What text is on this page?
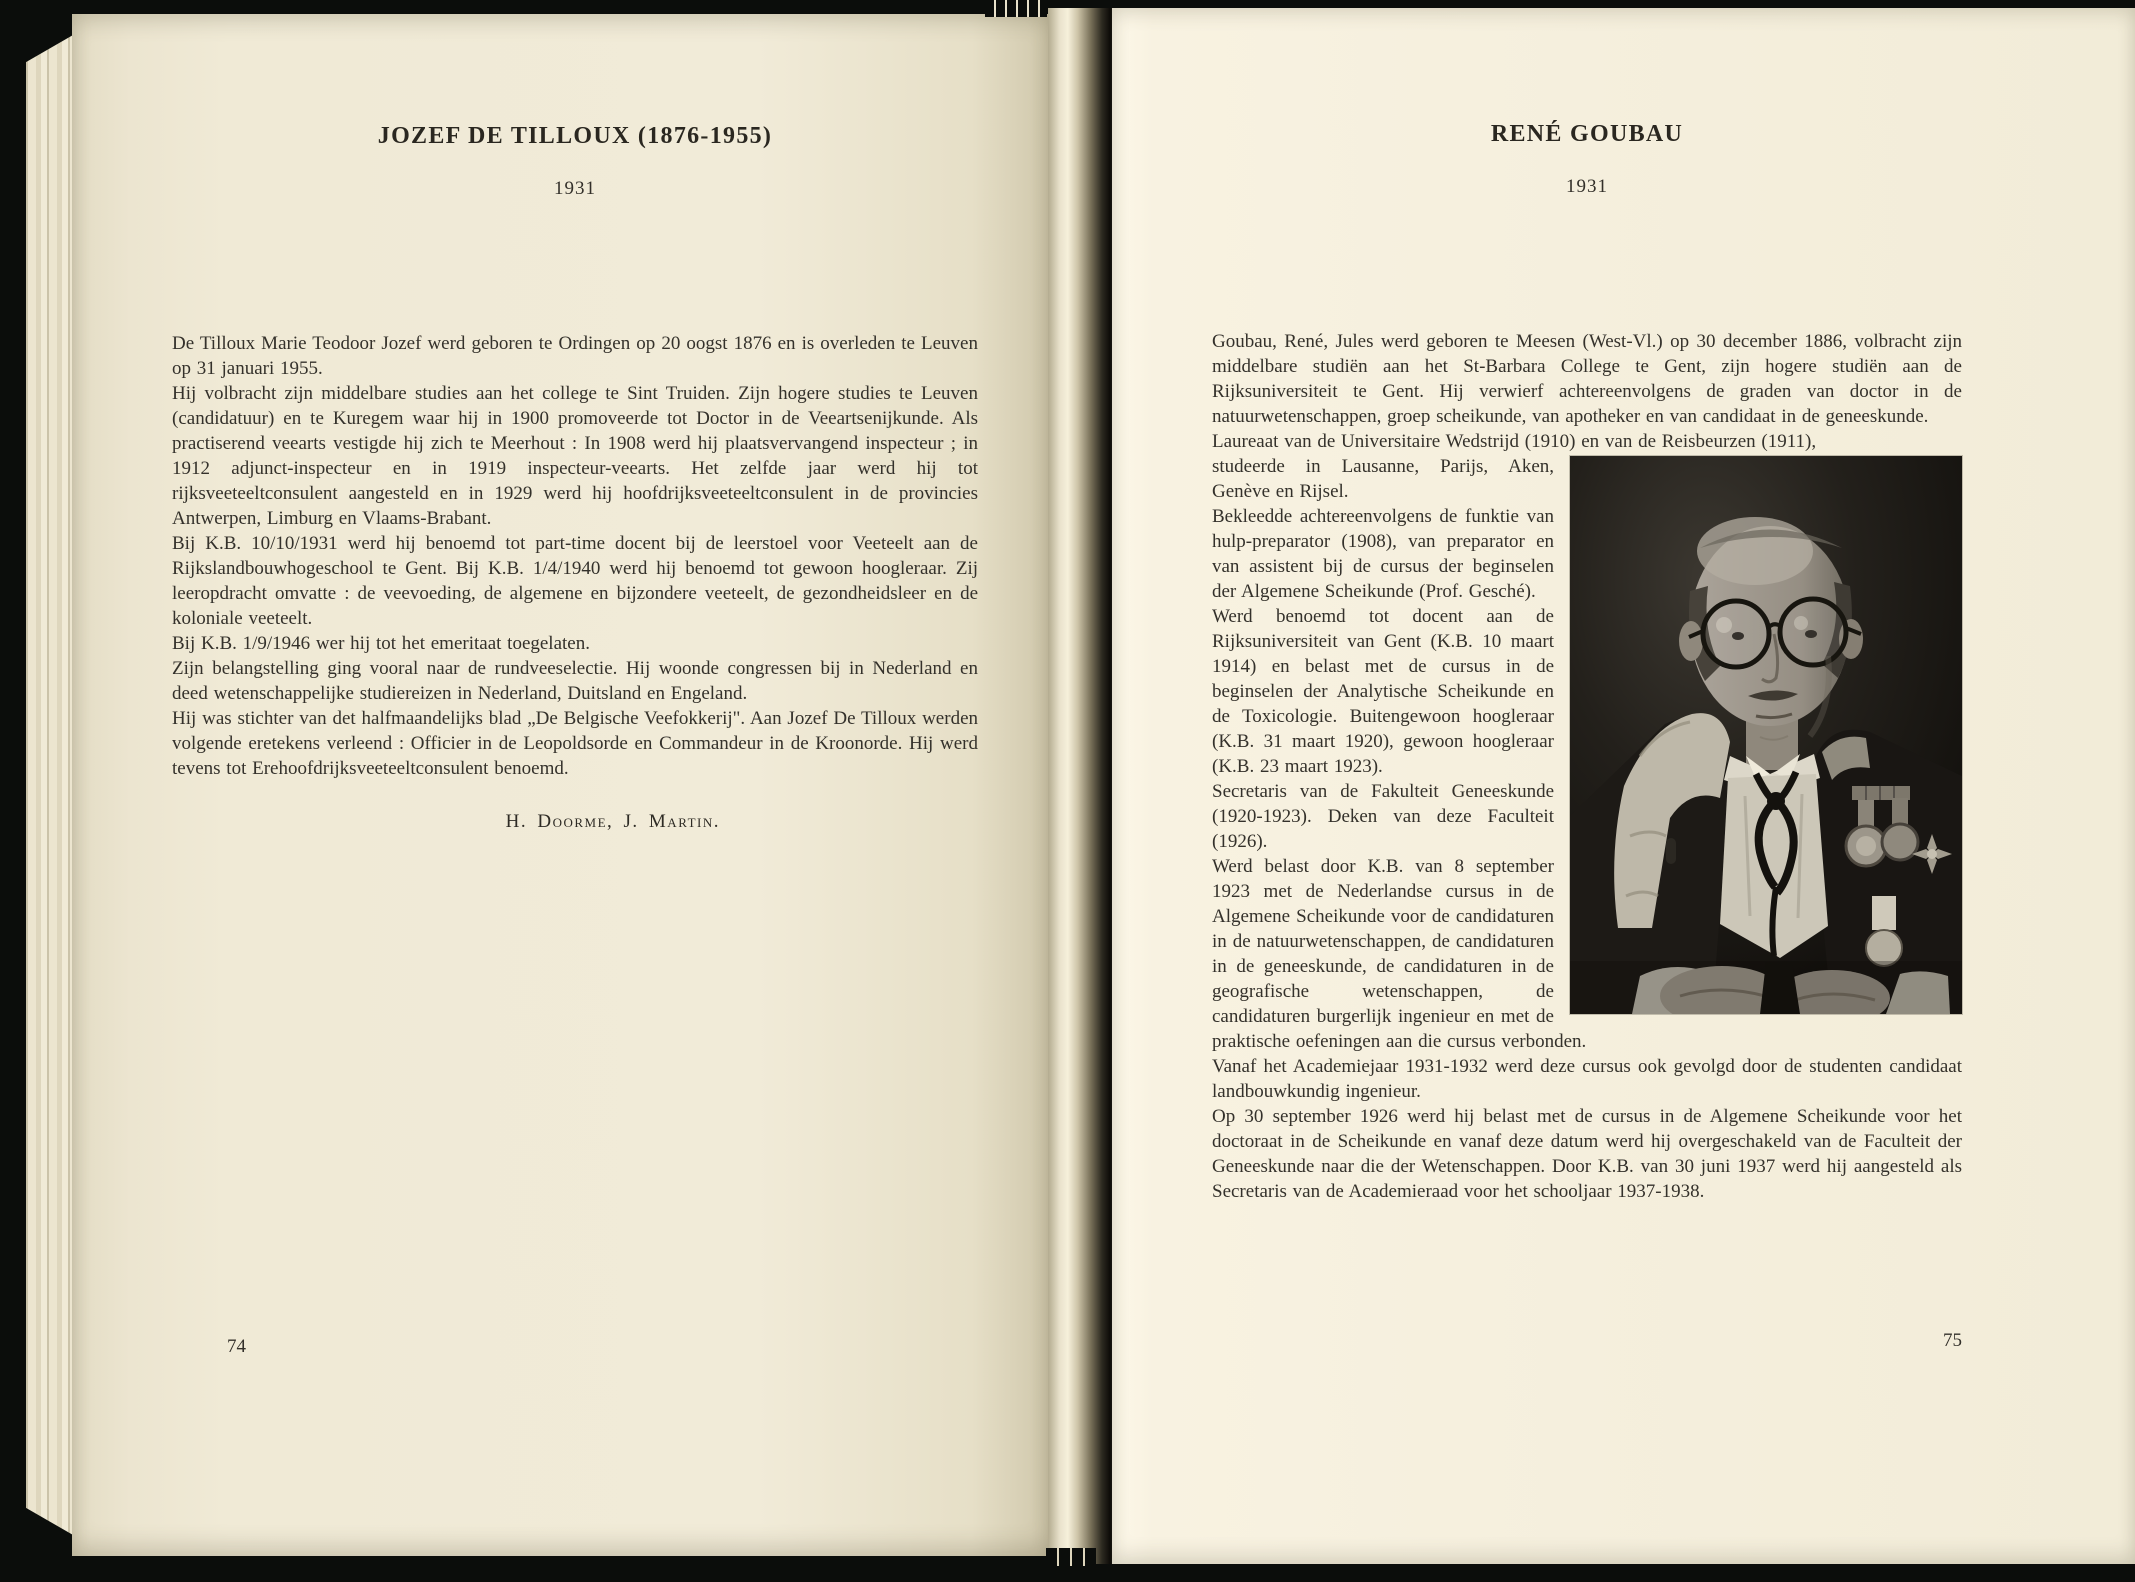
JOZEF DE TILLOUX (1876-1955)
1931

De Tilloux Marie Teodoor Jozef werd geboren te Ordingen op 20 oogst 1876 en is overleden te Leuven op 31 januari 1955.

Hij volbracht zijn middelbare studies aan het college te Sint Truiden. Zijn hogere studies te Leuven (candidatuur) en te Kuregem waar hij in 1900 promoveerde tot Doctor in de Veeartsenijkunde. Als practiserend veearts vestigde hij zich te Meerhout : In 1908 werd hij plaatsvervangend inspecteur ; in 1912 adjunct-inspecteur en in 1919 inspecteur-veearts. Het zelfde jaar werd hij tot rijksveeteeltconsulent aangesteld en in 1929 werd hij hoofdrijksveeteeltconsulent in de provincies Antwerpen, Limburg en Vlaams-Brabant.

Bij K.B. 10/10/1931 werd hij benoemd tot part-time docent bij de leerstoel voor Veeteelt aan de Rijkslandbouwhogeschool te Gent. Bij K.B. 1/4/1940 werd hij benoemd tot gewoon hoogleraar. Zij leeropdracht omvatte : de veevoeding, de algemene en bijzondere veeteelt, de gezondheidsleer en de koloniale veeteelt.

Bij K.B. 1/9/1946 wer hij tot het emeritaat toegelaten.

Zijn belangstelling ging vooral naar de rundveeselectie. Hij woonde congressen bij in Nederland en deed wetenschappelijke studiereizen in Nederland, Duitsland en Engeland.

Hij was stichter van det halfmaandelijks blad „De Belgische Veefokkerij". Aan Jozef De Tilloux werden volgende eretekens verleend : Officier in de Leopoldsorde en Commandeur in de Kroonorde. Hij werd tevens tot Erehoofdrijksveeteeltconsulent benoemd.

H. Doorme, J. Martin.
74
RENÉ GOUBAU
1931

Goubau, René, Jules werd geboren te Meesen (West-Vl.) op 30 december 1886, volbracht zijn middelbare studiën aan het St-Barbara College te Gent, zijn hogere studiën aan de Rijksuniversiteit te Gent. Hij verwierf achtereenvolgens de graden van doctor in de natuurwetenschappen, groep scheikunde, van apotheker en van candidaat in de geneeskunde.

Laureaat van de Universitaire Wedstrijd (1910) en van de Reisbeurzen (1911),

studeerde in Lausanne, Parijs, Aken, Genève en Rijsel.

Bekleedde achtereenvolgens de funktie van hulp-preparator (1908), van preparator en van assistent bij de cursus der beginselen der Algemene Scheikunde (Prof. Gesché).

Werd benoemd tot docent aan de Rijksuniversiteit van Gent (K.B. 10 maart 1914) en belast met de cursus in de beginselen der Analytische Scheikunde en de Toxicologie. Buitengewoon hoogleraar (K.B. 31 maart 1920), gewoon hoogleraar (K.B. 23 maart 1923).

Secretaris van de Fakulteit Geneeskunde (1920-1923). Deken van deze Faculteit (1926).

Werd belast door K.B. van 8 september 1923 met de Nederlandse cursus in de Algemene Scheikunde voor de candidaturen in de natuurwetenschappen, de candidaturen in de geneeskunde, de candidaturen in de geografische wetenschappen, de candidaturen burgerlijk ingenieur en met de praktische oefeningen aan die cursus verbonden.

Vanaf het Academiejaar 1931-1932 werd deze cursus ook gevolgd door de studenten candidaat landbouwkundig ingenieur.

Op 30 september 1926 werd hij belast met de cursus in de Algemene Scheikunde voor het doctoraat in de Scheikunde en vanaf deze datum werd hij overgeschakeld van de Faculteit der Geneeskunde naar die der Wetenschappen. Door K.B. van 30 juni 1937 werd hij aangesteld als Secretaris van de Academieraad voor het schooljaar 1937-1938.

75
